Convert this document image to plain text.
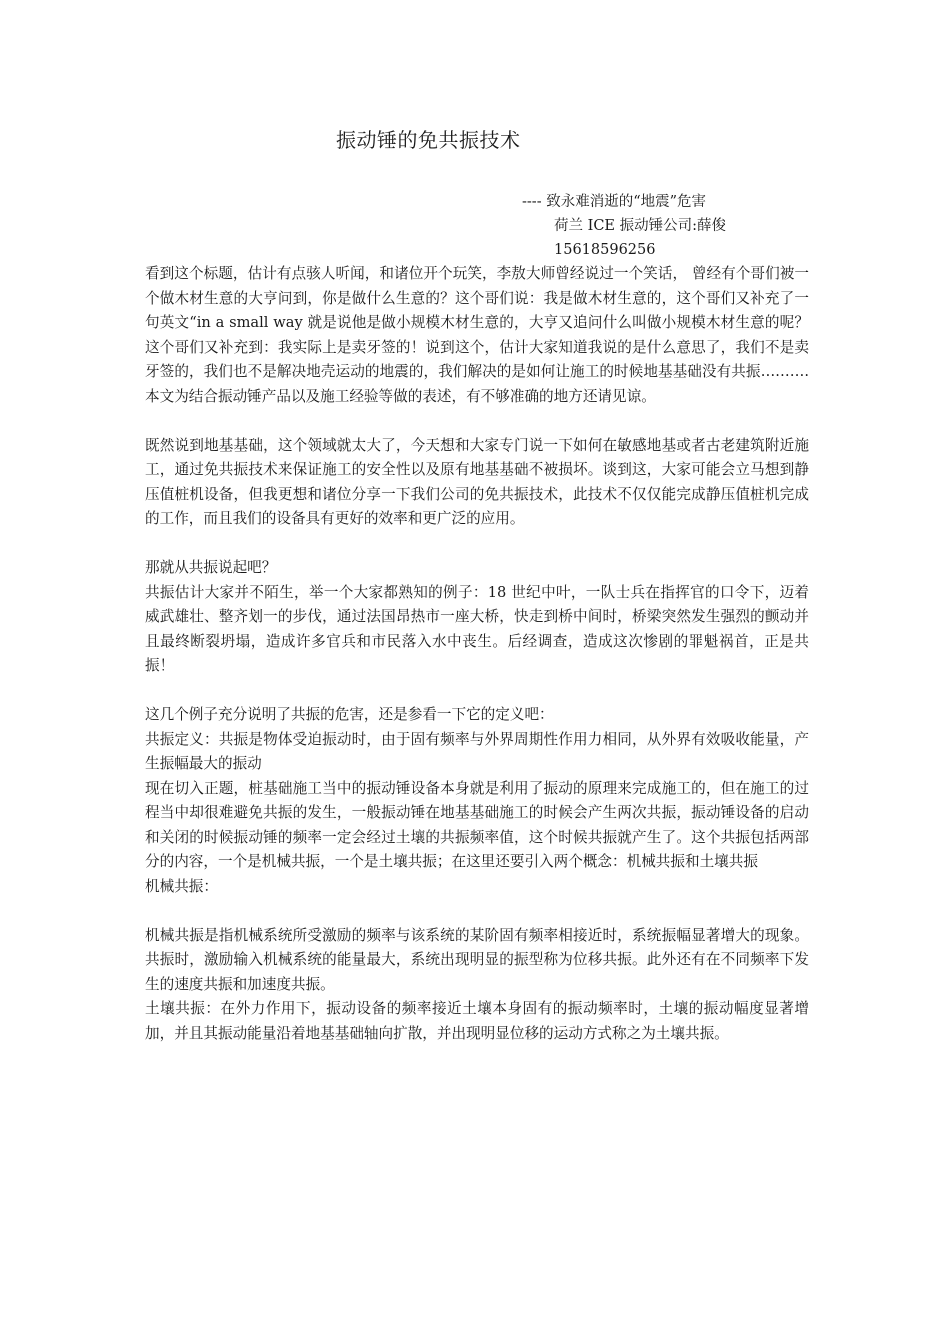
振动锤的免共振技术
---- 致永难消逝的“地震”危害
荷兰 ICE 振动锤公司:薛俊
15618596256

看到这个标题，估计有点骇人听闻，和诸位开个玩笑，李敖大师曾经说过一个笑话， 曾经有个哥们被一个做木材生意的大亨问到，你是做什么生意的？这个哥们说：我是做木材生意的，这个哥们又补充了一句英文“in a small way 就是说他是做小规模木材生意的，大亨又追问什么叫做小规模木材生意的呢？这个哥们又补充到：我实际上是卖牙签的！说到这个，估计大家知道我说的是什么意思了，我们不是卖牙签的，我们也不是解决地壳运动的地震的，我们解决的是如何让施工的时候地基基础没有共振………. 本文为结合振动锤产品以及施工经验等做的表述，有不够准确的地方还请见谅。

既然说到地基基础，这个领域就太大了，今天想和大家专门说一下如何在敏感地基或者古老建筑附近施工，通过免共振技术来保证施工的安全性以及原有地基基础不被损坏。谈到这，大家可能会立马想到静压值桩机设备，但我更想和诸位分享一下我们公司的免共振技术，此技术不仅仅能完成静压值桩机完成的工作，而且我们的设备具有更好的效率和更广泛的应用。

那就从共振说起吧？

共振估计大家并不陌生，举一个大家都熟知的例子：18 世纪中叶，一队士兵在指挥官的口令下，迈着威武雄壮、整齐划一的步伐，通过法国昂热市一座大桥，快走到桥中间时，桥梁突然发生强烈的颤动并且最终断裂坍塌，造成许多官兵和市民落入水中丧生。后经调查，造成这次惨剧的罪魁祸首，正是共振！

这几个例子充分说明了共振的危害，还是参看一下它的定义吧：

共振定义：共振是物体受迫振动时，由于固有频率与外界周期性作用力相同，从外界有效吸收能量，产生振幅最大的振动

现在切入正题，桩基础施工当中的振动锤设备本身就是利用了振动的原理来完成施工的，但在施工的过程当中却很难避免共振的发生，一般振动锤在地基基础施工的时候会产生两次共振，振动锤设备的启动和关闭的时候振动锤的频率一定会经过土壤的共振频率值，这个时候共振就产生了。这个共振包括两部分的内容，一个是机械共振，一个是土壤共振；在这里还要引入两个概念：机械共振和土壤共振

机械共振：

机械共振是指机械系统所受激励的频率与该系统的某阶固有频率相接近时，系统振幅显著增大的现象。共振时，激励输入机械系统的能量最大，系统出现明显的振型称为位移共振。此外还有在不同频率下发生的速度共振和加速度共振。

土壤共振：在外力作用下，振动设备的频率接近土壤本身固有的振动频率时，土壤的振动幅度显著增加，并且其振动能量沿着地基基础轴向扩散，并出现明显位移的运动方式称之为土壤共振。
